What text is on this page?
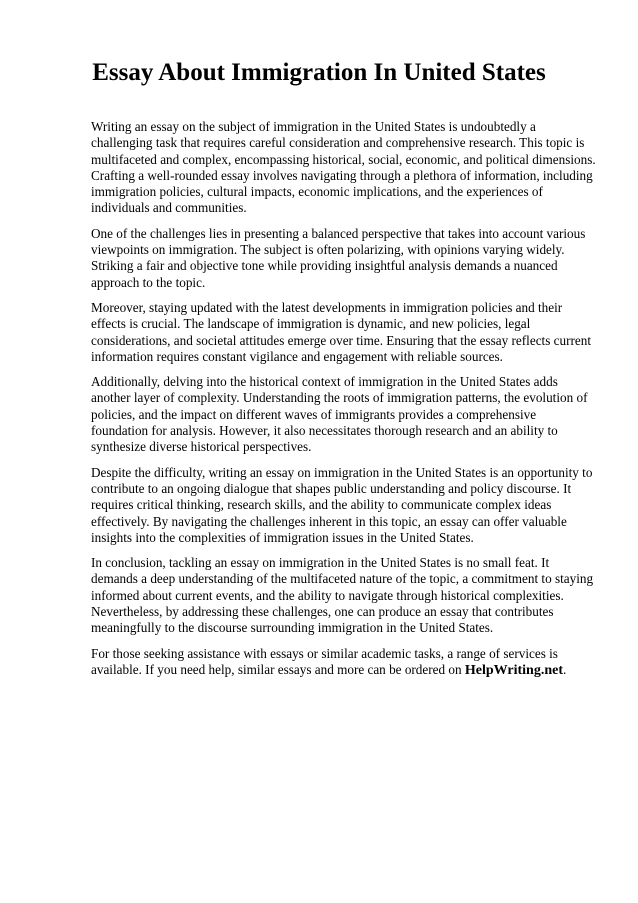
Essay About Immigration In United States

Writing an essay on the subject of immigration in the United States is undoubtedly a challenging task that requires careful consideration and comprehensive research. This topic is multifaceted and complex, encompassing historical, social, economic, and political dimensions. Crafting a well-rounded essay involves navigating through a plethora of information, including immigration policies, cultural impacts, economic implications, and the experiences of individuals and communities.

One of the challenges lies in presenting a balanced perspective that takes into account various viewpoints on immigration. The subject is often polarizing, with opinions varying widely. Striking a fair and objective tone while providing insightful analysis demands a nuanced approach to the topic.

Moreover, staying updated with the latest developments in immigration policies and their effects is crucial. The landscape of immigration is dynamic, and new policies, legal considerations, and societal attitudes emerge over time. Ensuring that the essay reflects current information requires constant vigilance and engagement with reliable sources.

Additionally, delving into the historical context of immigration in the United States adds another layer of complexity. Understanding the roots of immigration patterns, the evolution of policies, and the impact on different waves of immigrants provides a comprehensive foundation for analysis. However, it also necessitates thorough research and an ability to synthesize diverse historical perspectives.

Despite the difficulty, writing an essay on immigration in the United States is an opportunity to contribute to an ongoing dialogue that shapes public understanding and policy discourse. It requires critical thinking, research skills, and the ability to communicate complex ideas effectively. By navigating the challenges inherent in this topic, an essay can offer valuable insights into the complexities of immigration issues in the United States.

In conclusion, tackling an essay on immigration in the United States is no small feat. It demands a deep understanding of the multifaceted nature of the topic, a commitment to staying informed about current events, and the ability to navigate through historical complexities. Nevertheless, by addressing these challenges, one can produce an essay that contributes meaningfully to the discourse surrounding immigration in the United States.

For those seeking assistance with essays or similar academic tasks, a range of services is available. If you need help, similar essays and more can be ordered on HelpWriting.net.
